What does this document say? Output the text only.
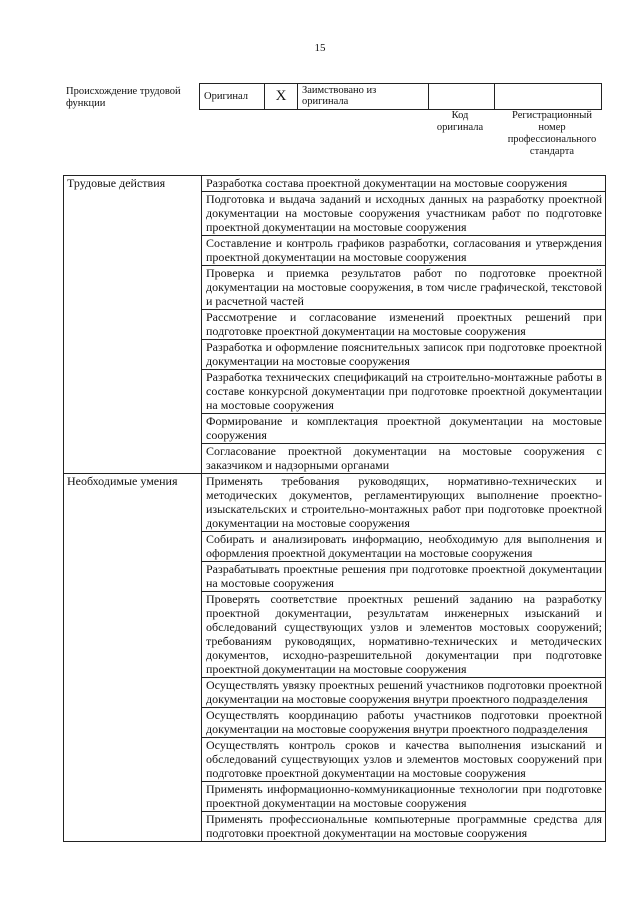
15
Происхождение трудовой функции
Оригинал	X	Заимствовано из оригинала		
Код оригинала
Регистрационный номер профессионального стандарта
Трудовые действия	Разработка состава проектной документации на мостовые сооружения
	Подготовка и выдача заданий и исходных данных на разработку проектной документации на мостовые сооружения участникам работ по подготовке проектной документации на мостовые сооружения
	Составление и контроль графиков разработки, согласования и утверждения проектной документации на мостовые сооружения
	Проверка и приемка результатов работ по подготовке проектной документации на мостовые сооружения, в том числе графической, текстовой и расчетной частей
	Рассмотрение и согласование изменений проектных решений при подготовке проектной документации на мостовые сооружения
	Разработка и оформление пояснительных записок при подготовке проектной документации на мостовые сооружения
	Разработка технических спецификаций на строительно-монтажные работы в составе конкурсной документации при подготовке проектной документации на мостовые сооружения
	Формирование и комплектация проектной документации на мостовые сооружения
	Согласование проектной документации на мостовые сооружения с заказчиком и надзорными органами
Необходимые умения	Применять требования руководящих, нормативно-технических и методических документов, регламентирующих выполнение проектно-изыскательских и строительно-монтажных работ при подготовке проектной документации на мостовые сооружения
	Собирать и анализировать информацию, необходимую для выполнения и оформления проектной документации на мостовые сооружения
	Разрабатывать проектные решения при подготовке проектной документации на мостовые сооружения
	Проверять соответствие проектных решений заданию на разработку проектной документации, результатам инженерных изысканий и обследований существующих узлов и элементов мостовых сооружений; требованиям руководящих, нормативно-технических и методических документов, исходно-разрешительной документации при подготовке проектной документации на мостовые сооружения
	Осуществлять увязку проектных решений участников подготовки проектной документации на мостовые сооружения внутри проектного подразделения
	Осуществлять координацию работы участников подготовки проектной документации на мостовые сооружения внутри проектного подразделения
	Осуществлять контроль сроков и качества выполнения изысканий и обследований существующих узлов и элементов мостовых сооружений при подготовке проектной документации на мостовые сооружения
	Применять информационно-коммуникационные технологии при подготовке проектной документации на мостовые сооружения
	Применять профессиональные компьютерные программные средства для подготовки проектной документации на мостовые сооружения
